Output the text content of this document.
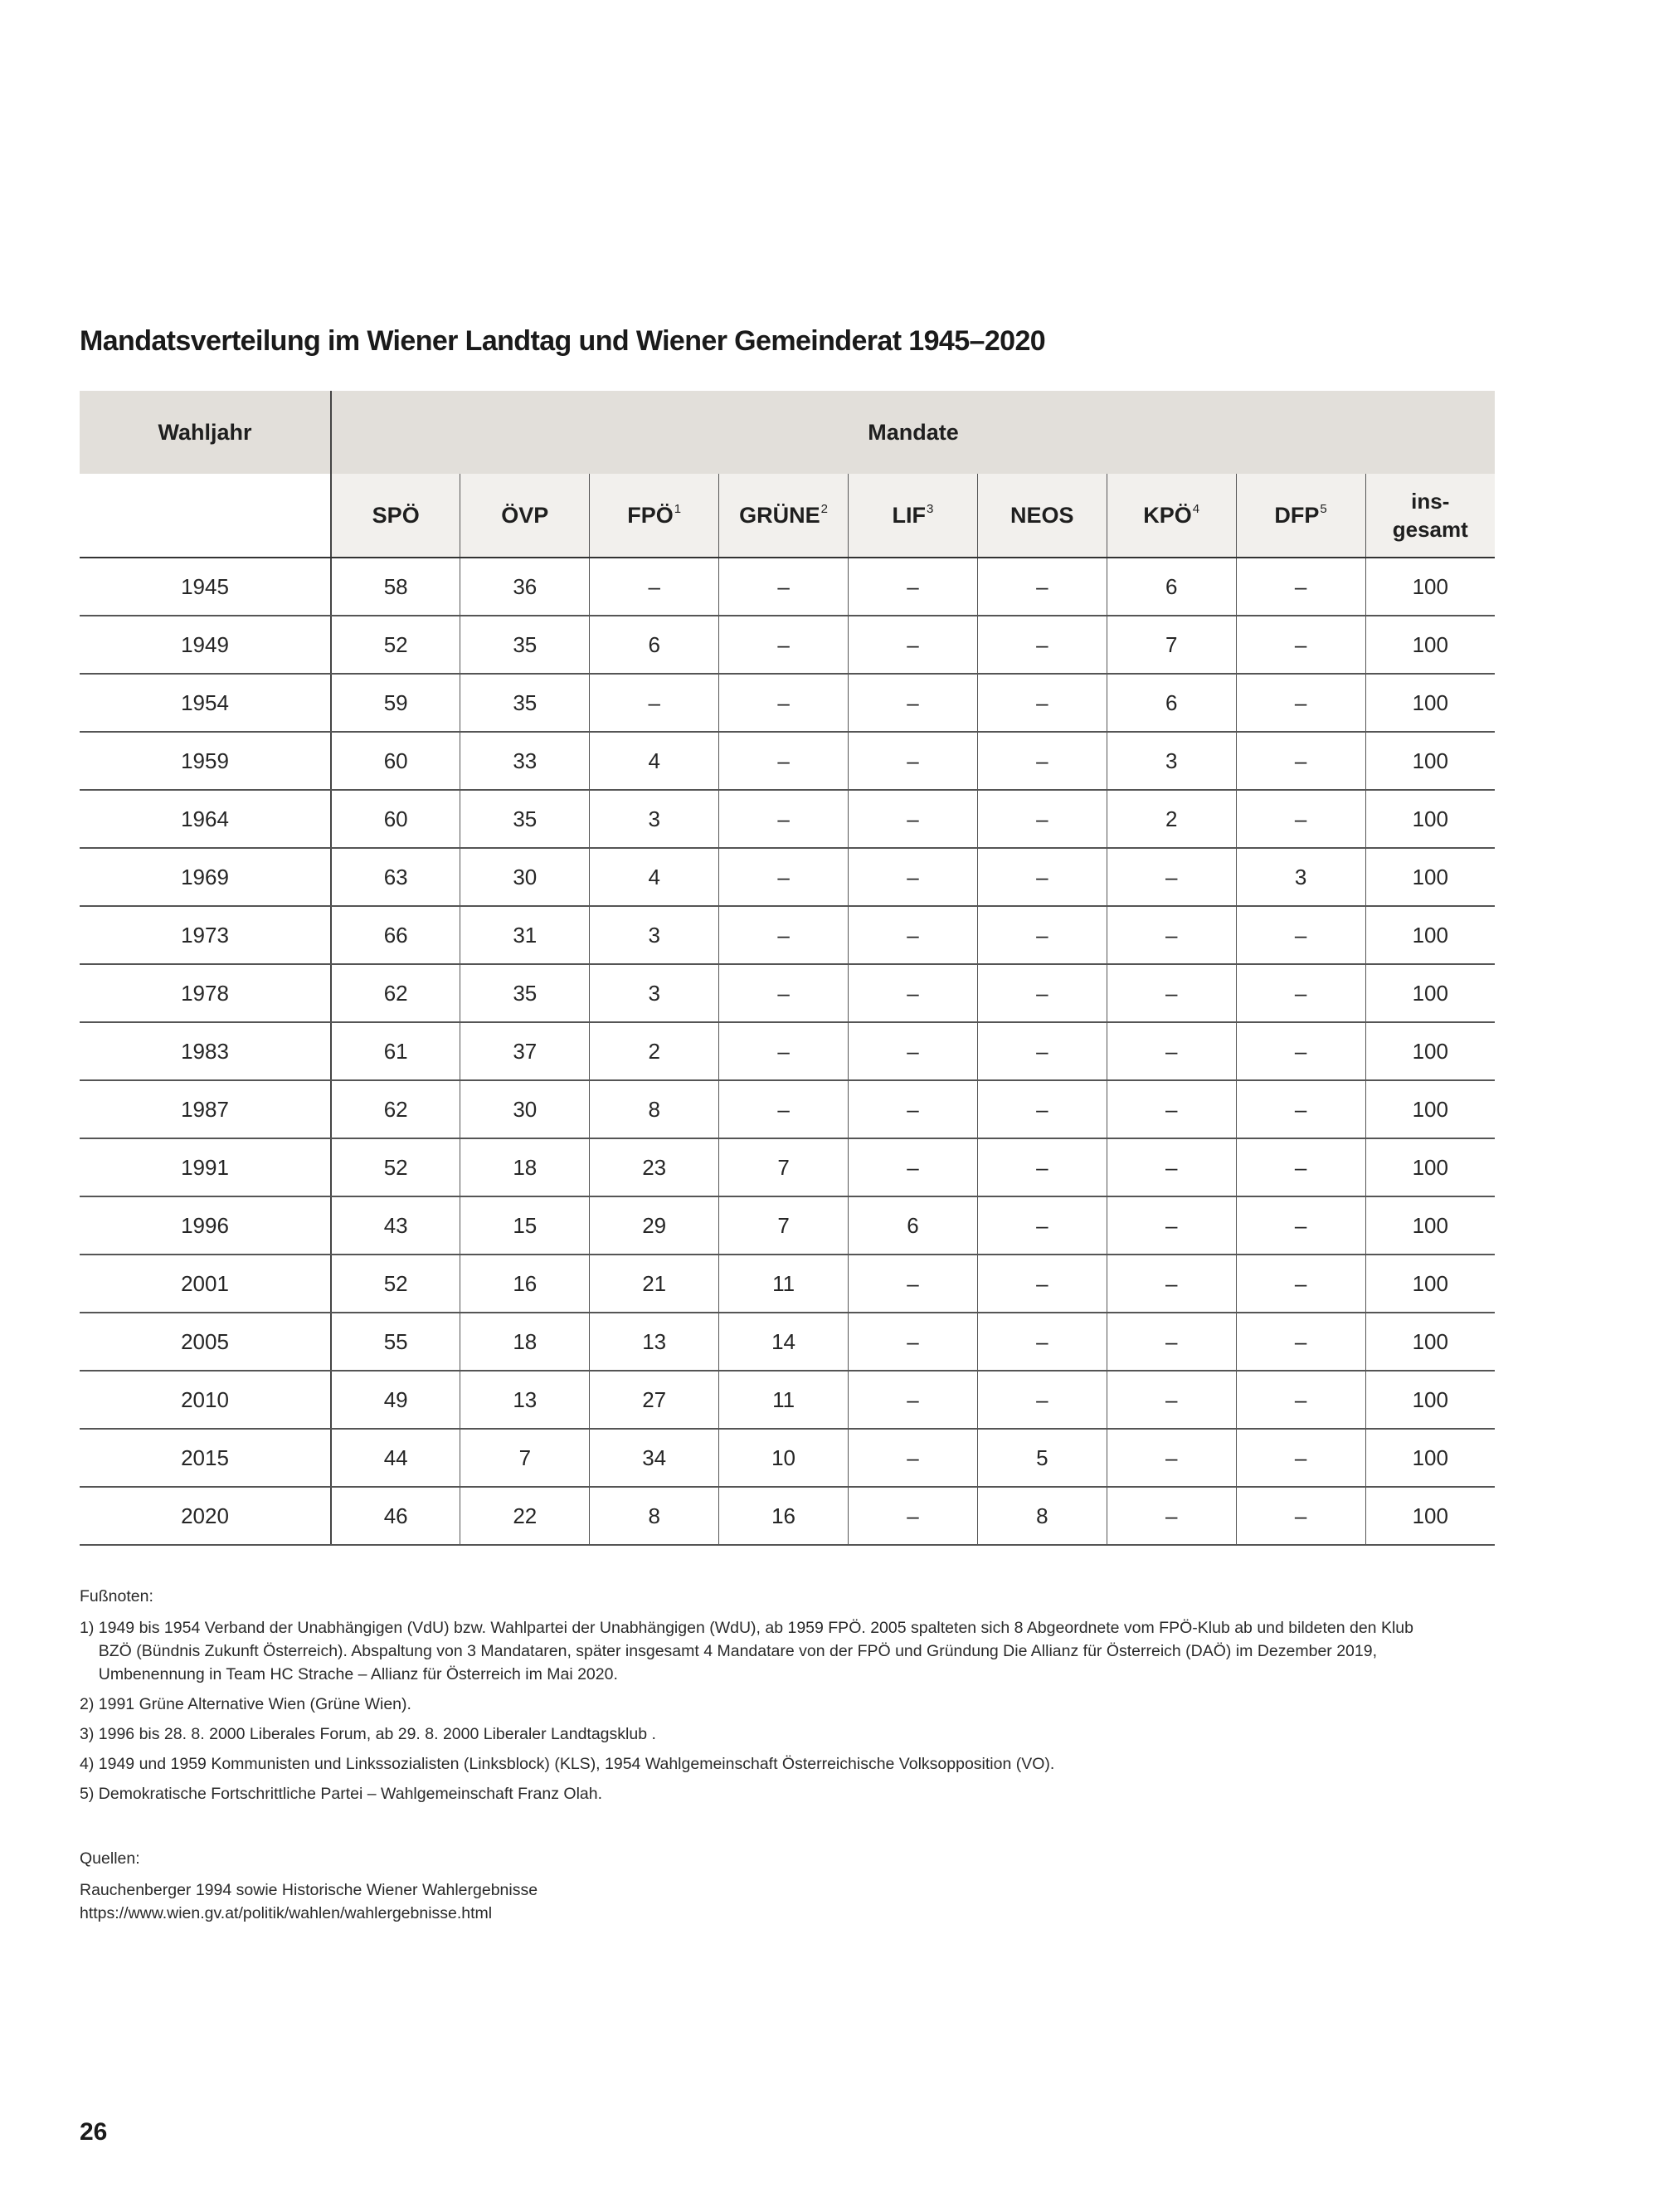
Mandatsverteilung im Wiener Landtag und Wiener Gemeinderat 1945–2020
Wahljahr	Mandate								
	SPÖ	ÖVP	FPÖ$^1$	GRÜNE$^2$	LIF$^3$	NEOS	KPÖ$^4$	DFP$^5$	ins-
gesamt

1945	58	36	–	–	–	–	6	–	100
1949	52	35	6	–	–	–	7	–	100
1954	59	35	–	–	–	–	6	–	100
1959	60	33	4	–	–	–	3	–	100
1964	60	35	3	–	–	–	2	–	100
1969	63	30	4	–	–	–	–	3	100
1973	66	31	3	–	–	–	–	–	100
1978	62	35	3	–	–	–	–	–	100
1983	61	37	2	–	–	–	–	–	100
1987	62	30	8	–	–	–	–	–	100
1991	52	18	23	7	–	–	–	–	100
1996	43	15	29	7	6	–	–	–	100
2001	52	16	21	11	–	–	–	–	100
2005	55	18	13	14	–	–	–	–	100
2010	49	13	27	11	–	–	–	–	100
2015	44	7	34	10	–	5	–	–	100
2020	46	22	8	16	–	8	–	–	100

Fußnoten:

1) 1949 bis 1954 Verband der Unabhängigen (VdU) bzw. Wahlpartei der Unabhängigen (WdU), ab 1959 FPÖ. 2005 spalteten sich 8 Abgeordnete vom FPÖ-Klub ab und bildeten den Klub BZÖ (Bündnis Zukunft Österreich). Abspaltung von 3 Mandataren, später insgesamt 4 Mandatare von der FPÖ und Gründung Die Allianz für Österreich (DAÖ) im Dezember 2019, Umbenennung in Team HC Strache – Allianz für Österreich im Mai 2020.
2) 1991 Grüne Alternative Wien (Grüne Wien).
3) 1996 bis 28. 8. 2000 Liberales Forum, ab 29. 8. 2000 Liberaler Landtagsklub .
4) 1949 und 1959 Kommunisten und Linkssozialisten (Linksblock) (KLS), 1954 Wahlgemeinschaft Österreichische Volksopposition (VO).
5) Demokratische Fortschrittliche Partei – Wahlgemeinschaft Franz Olah.

Quellen:

Rauchenberger 1994 sowie Historische Wiener Wahlergebnisse

https://www.wien.gv.at/politik/wahlen/wahlergebnisse.html

26
